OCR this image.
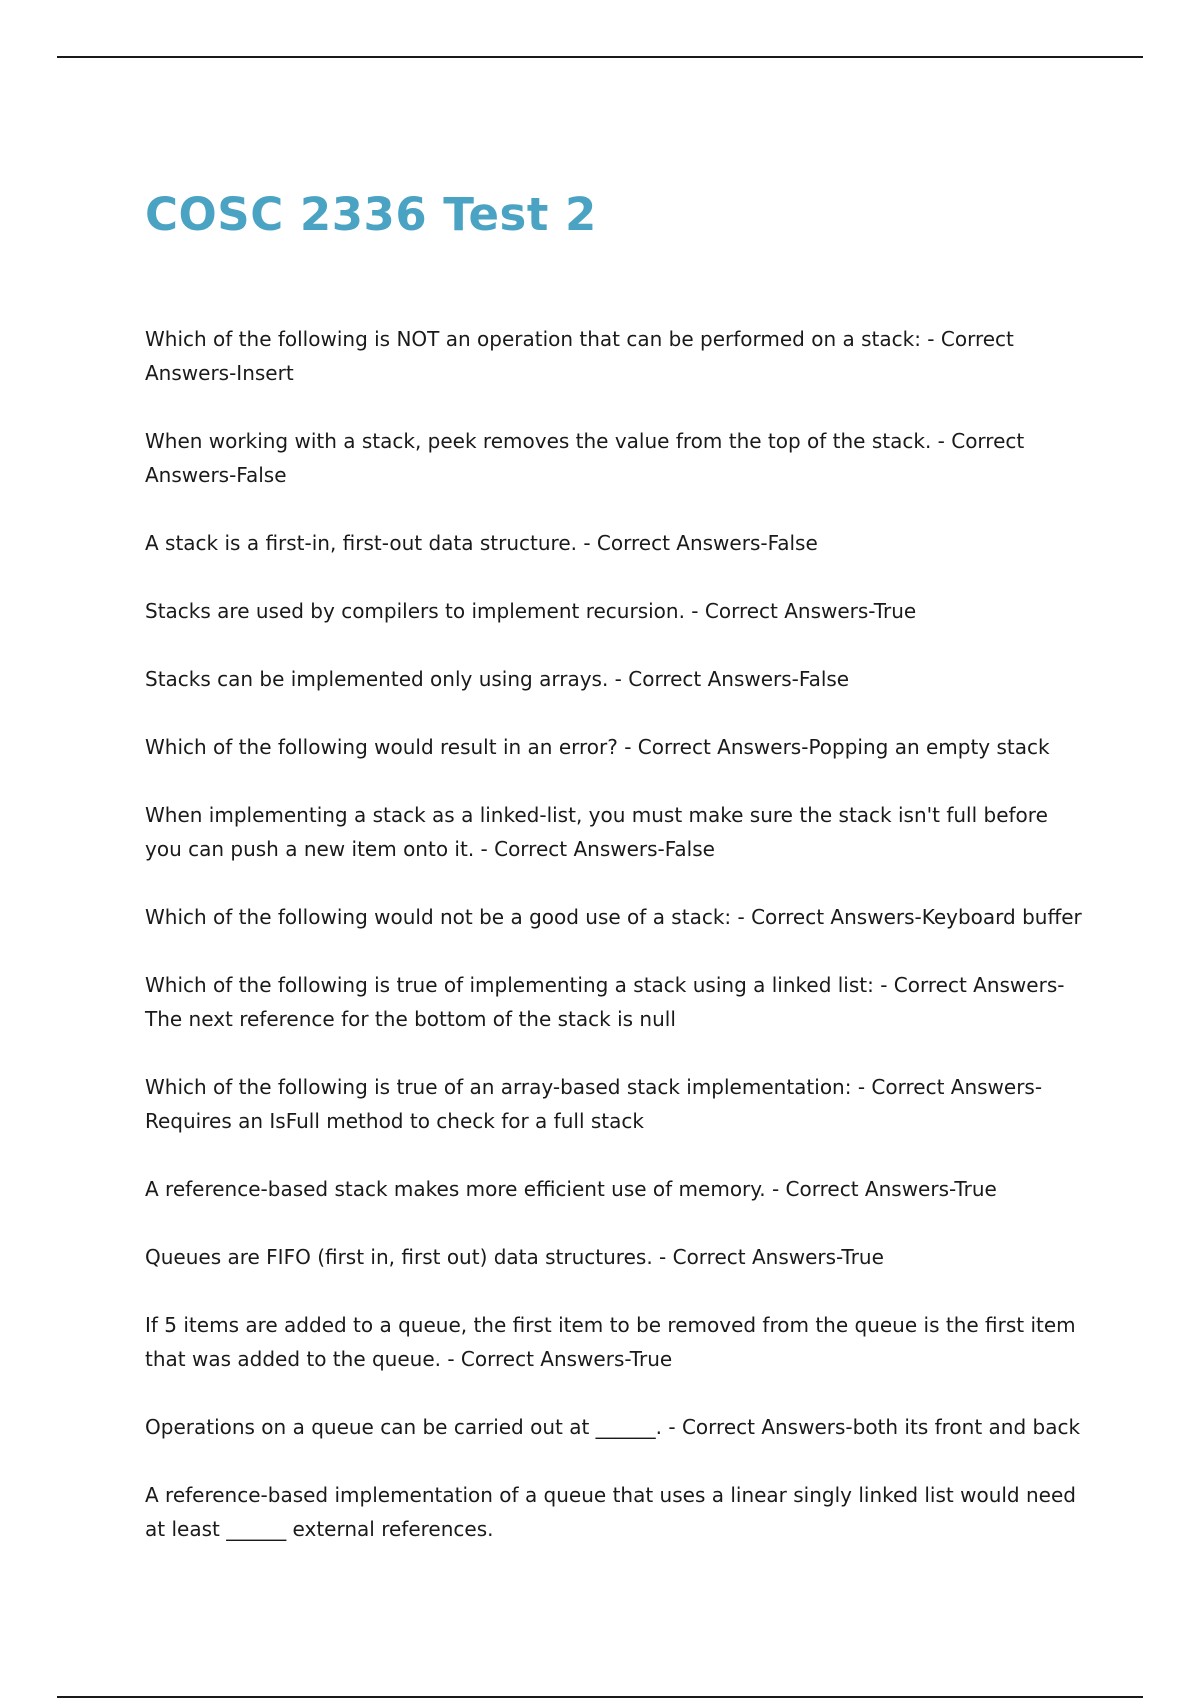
COSC 2336 Test 2
Which of the following is NOT an operation that can be performed on a stack: - Correct Answers-Insert
When working with a stack, peek removes the value from the top of the stack. - Correct Answers-False
A stack is a first-in, first-out data structure. - Correct Answers-False
Stacks are used by compilers to implement recursion. - Correct Answers-True
Stacks can be implemented only using arrays. - Correct Answers-False
Which of the following would result in an error? - Correct Answers-Popping an empty stack
When implementing a stack as a linked-list, you must make sure the stack isn't full before you can push a new item onto it. - Correct Answers-False
Which of the following would not be a good use of a stack: - Correct Answers-Keyboard buffer
Which of the following is true of implementing a stack using a linked list: - Correct Answers-The next reference for the bottom of the stack is null
Which of the following is true of an array-based stack implementation: - Correct Answers-Requires an IsFull method to check for a full stack
A reference-based stack makes more efficient use of memory. - Correct Answers-True
Queues are FIFO (first in, first out) data structures. - Correct Answers-True
If 5 items are added to a queue, the first item to be removed from the queue is the first item that was added to the queue. - Correct Answers-True
Operations on a queue can be carried out at ______. - Correct Answers-both its front and back
A reference-based implementation of a queue that uses a linear singly linked list would need at least ______ external references.
